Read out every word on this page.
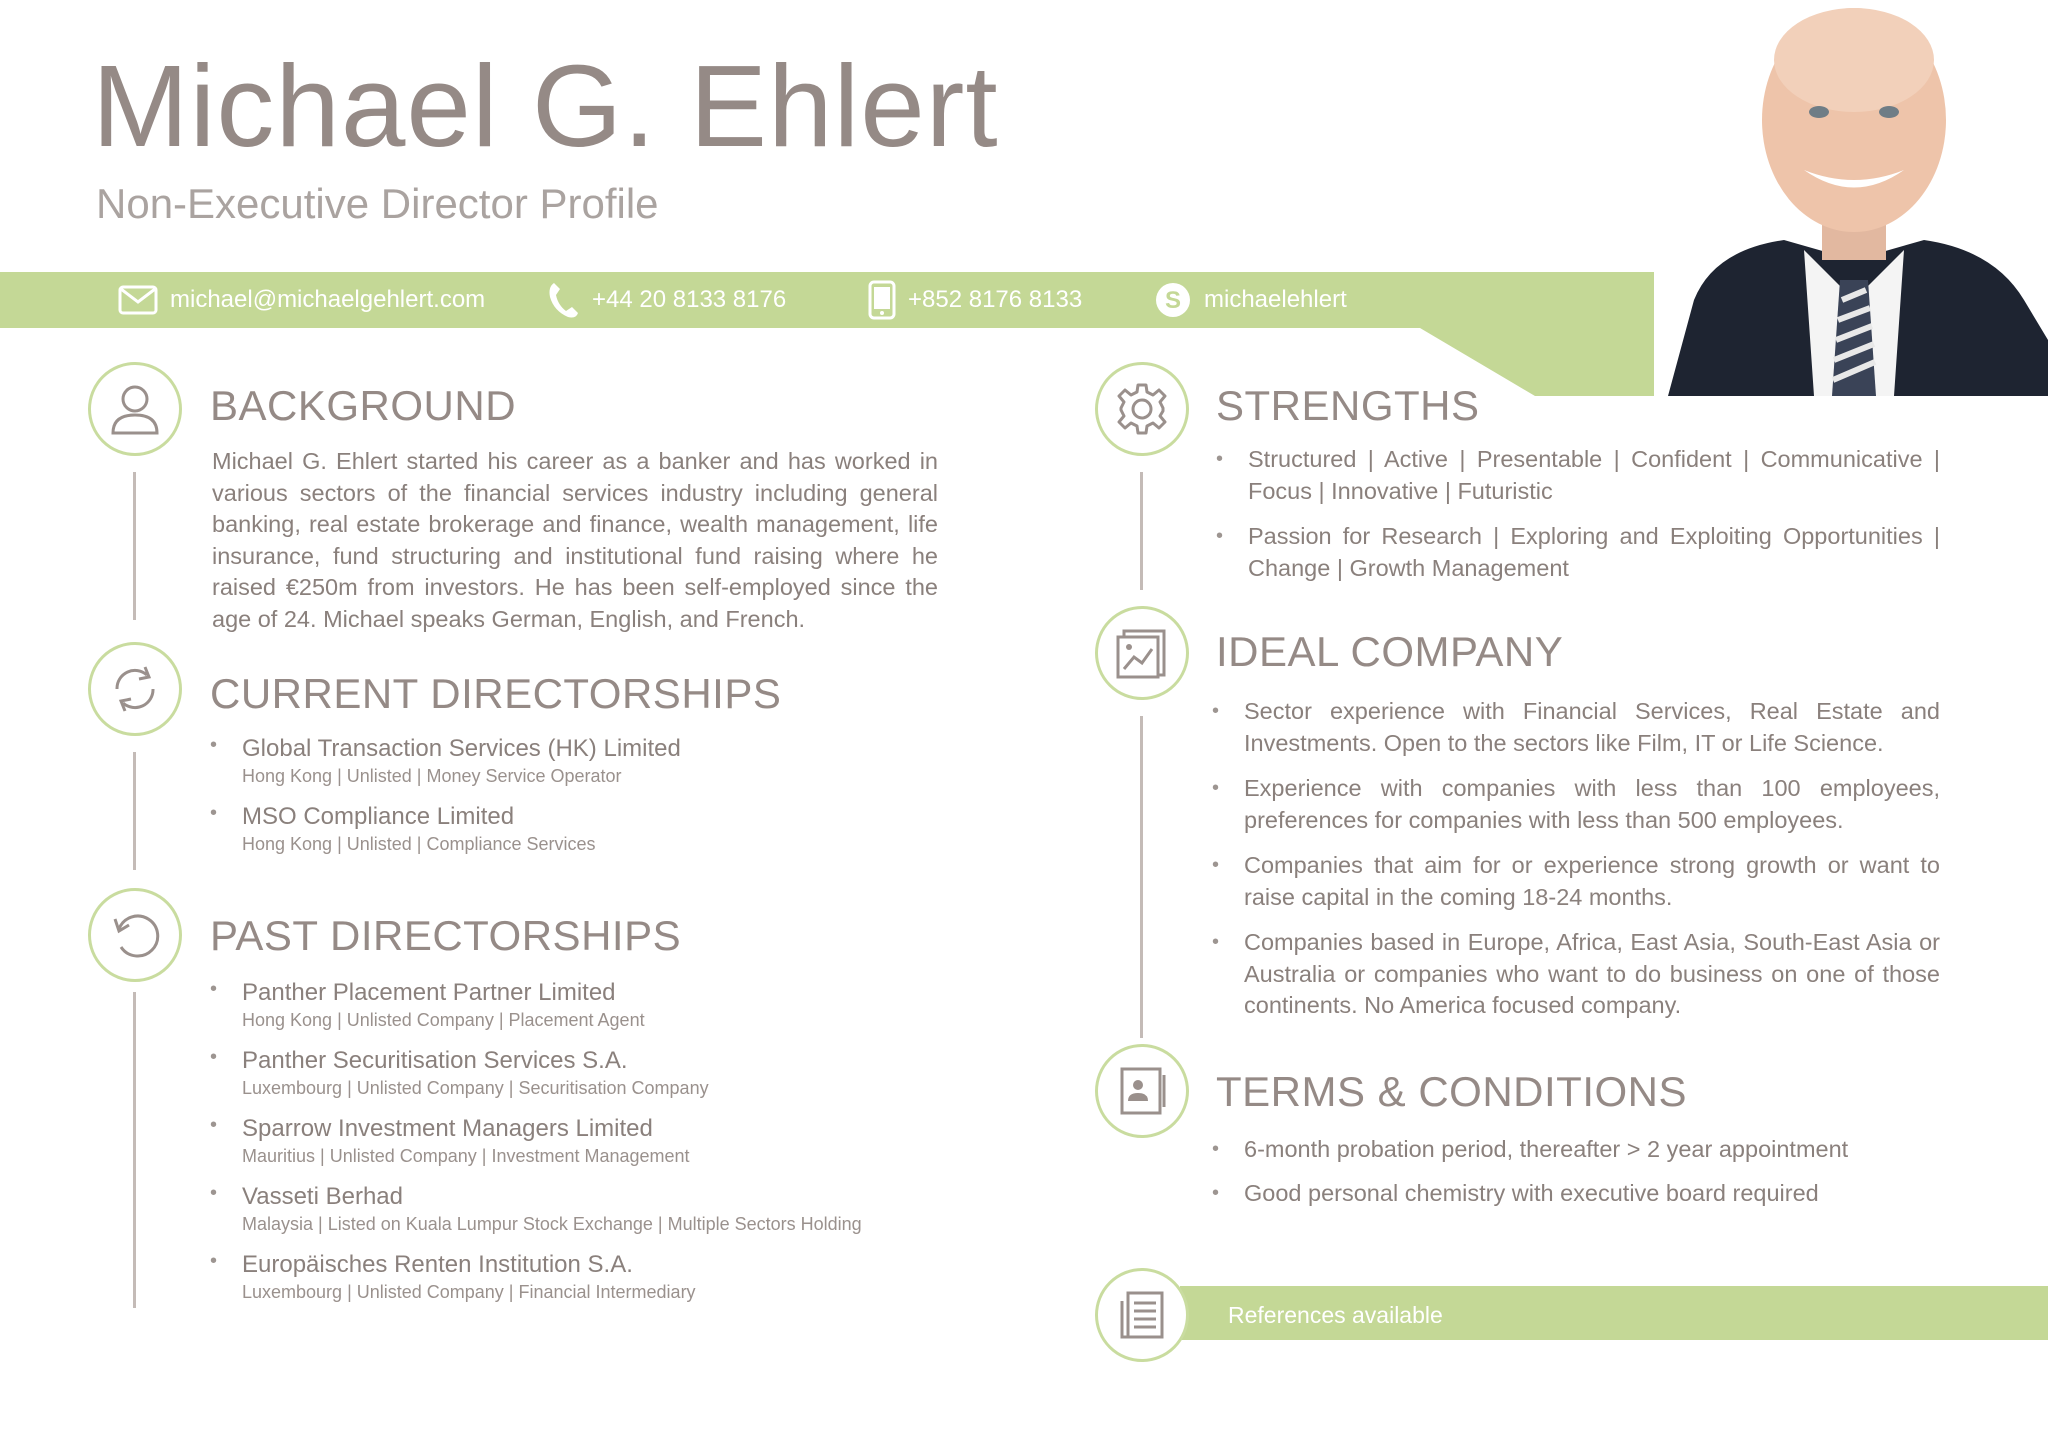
Michael G. Ehlert
Non-Executive Director Profile
michael@michaelgehlert.com	+44 20 8133 8176	+852 8176 8133	S michaelehlert
BACKGROUND
Michael G. Ehlert started his career as a banker and has worked in various sectors of the financial services industry including general banking, real estate brokerage and finance, wealth management, life insurance, fund structuring and institutional fund raising where he raised €250m from investors. He has been self-employed since the age of 24. Michael speaks German, English, and French.
CURRENT DIRECTORSHIPS
• Global Transaction Services (HK) Limited
Hong Kong | Unlisted | Money Service Operator
• MSO Compliance Limited
Hong Kong | Unlisted | Compliance Services
PAST DIRECTORSHIPS
• Panther Placement Partner Limited
Hong Kong | Unlisted Company | Placement Agent
• Panther Securitisation Services S.A.
Luxembourg | Unlisted Company | Securitisation Company
• Sparrow Investment Managers Limited
Mauritius | Unlisted Company | Investment Management
• Vasseti Berhad
Malaysia | Listed on Kuala Lumpur Stock Exchange | Multiple Sectors Holding
• Europäisches Renten Institution S.A.
Luxembourg | Unlisted Company | Financial Intermediary
STRENGTHS
• Structured | Active | Presentable | Confident | Communicative | Focus | Innovative | Futuristic
• Passion for Research | Exploring and Exploiting Opportunities | Change | Growth Management
IDEAL COMPANY
• Sector experience with Financial Services, Real Estate and Investments. Open to the sectors like Film, IT or Life Science.
• Experience with companies with less than 100 employees, preferences for companies with less than 500 employees.
• Companies that aim for or experience strong growth or want to raise capital in the coming 18-24 months.
• Companies based in Europe, Africa, East Asia, South-East Asia or Australia or companies who want to do business on one of those continents. No America focused company.
TERMS & CONDITIONS
• 6-month probation period, thereafter > 2 year appointment
• Good personal chemistry with executive board required
References available
